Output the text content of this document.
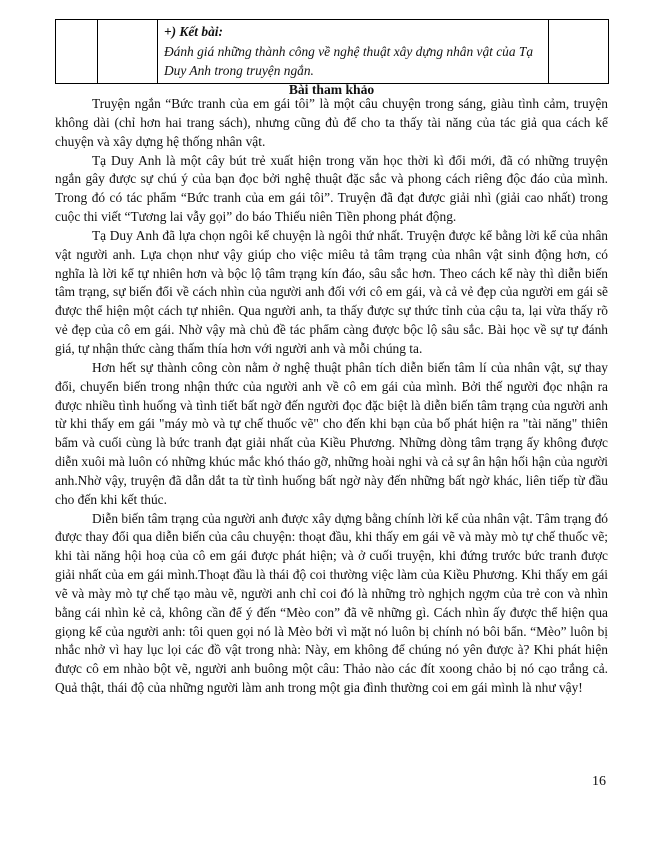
+) Kết bài:
Đánh giá những thành công về nghệ thuật xây dựng nhân vật của Tạ Duy Anh trong truyện ngắn.

Bài tham khảo

Truyện ngắn “Bức tranh của em gái tôi” là một câu chuyện trong sáng, giàu tình cảm, truyện không dài (chỉ hơn hai trang sách), nhưng cũng đủ để cho ta thấy tài năng của tác giả qua cách kể chuyện và xây dựng hệ thống nhân vật.

Tạ Duy Anh là một cây bút trẻ xuất hiện trong văn học thời kì đổi mới, đã có những truyện ngắn gây được sự chú ý của bạn đọc bởi nghệ thuật đặc sắc và phong cách riêng độc đáo của mình. Trong đó có tác phẩm “Bức tranh của em gái tôi”. Truyện đã đạt được giải nhì (giải cao nhất) trong cuộc thi viết “Tương lai vẫy gọi” do báo Thiếu niên Tiền phong phát động.

Tạ Duy Anh đã lựa chọn ngôi kể chuyện là ngôi thứ nhất. Truyện được kể bằng lời kể của nhân vật người anh. Lựa chọn như vậy giúp cho việc miêu tả tâm trạng của nhân vật sinh động hơn, có nghĩa là lời kể tự nhiên hơn và bộc lộ tâm trạng kín đáo, sâu sắc hơn. Theo cách kể này thì diễn biến tâm trạng, sự biến đổi về cách nhìn của người anh đối với cô em gái, và cả vẻ đẹp của người em gái sẽ được thể hiện một cách tự nhiên. Qua người anh, ta thấy được sự thức tỉnh của cậu ta, lại vừa thấy rõ vẻ đẹp của cô em gái. Nhờ vậy mà chủ đề tác phẩm càng được bộc lộ sâu sắc. Bài học về sự tự đánh giá, tự nhận thức càng thấm thía hơn với người anh và mỗi chúng ta.

Hơn hết sự thành công còn nằm ở nghệ thuật phân tích diễn biến tâm lí của nhân vật, sự thay đổi, chuyển biến trong nhận thức của người anh về cô em gái của mình. Bởi thế người đọc nhận ra được nhiều tình huống và tình tiết bất ngờ đến người đọc đặc biệt là diễn biến tâm trạng của người anh từ khi thấy em gái "máy mò và tự chế thuốc vẽ" cho đến khi bạn của bố phát hiện ra "tài năng" thiên bẩm và cuối cùng là bức tranh đạt giải nhất của Kiều Phương. Những dòng tâm trạng ấy không được diễn xuôi mà luôn có những khúc mắc khó tháo gỡ, những hoài nghi và cả sự ân hận hối hận của người anh.Nhờ vậy, truyện đã dẫn dắt ta từ tình huống bất ngờ này đến những bất ngờ khác, liên tiếp từ đầu cho đến khi kết thúc.

Diễn biến tâm trạng của người anh được xây dựng bằng chính lời kể của nhân vật. Tâm trạng đó được thay đổi qua diễn biến của câu chuyện: thoạt đầu, khi thấy em gái vẽ và mày mò tự chế thuốc vẽ; khi tài năng hội hoạ của cô em gái được phát hiện; và ở cuối truyện, khi đứng trước bức tranh được giải nhất của em gái mình.Thoạt đầu là thái độ coi thường việc làm của Kiều Phương. Khi thấy em gái vẽ và mày mò tự chế tạo màu vẽ, người anh chỉ coi đó là những trò nghịch ngợm của trẻ con và nhìn bằng cái nhìn kẻ cả, không cần để ý đến “Mèo con” đã vẽ những gì. Cách nhìn ấy được thể hiện qua giọng kể của người anh: tôi quen gọi nó là Mèo bởi vì mặt nó luôn bị chính nó bôi bẩn. “Mèo” luôn bị nhắc nhở vì hay lục lọi các đồ vật trong nhà: Này, em không để chúng nó yên được à? Khi phát hiện được cô em nhào bột vẽ, người anh buông một câu: Thảo nào các đít xoong chảo bị nó cạo trắng cả. Quả thật, thái độ của những người làm anh trong một gia đình thường coi em gái mình là như vậy!

16
